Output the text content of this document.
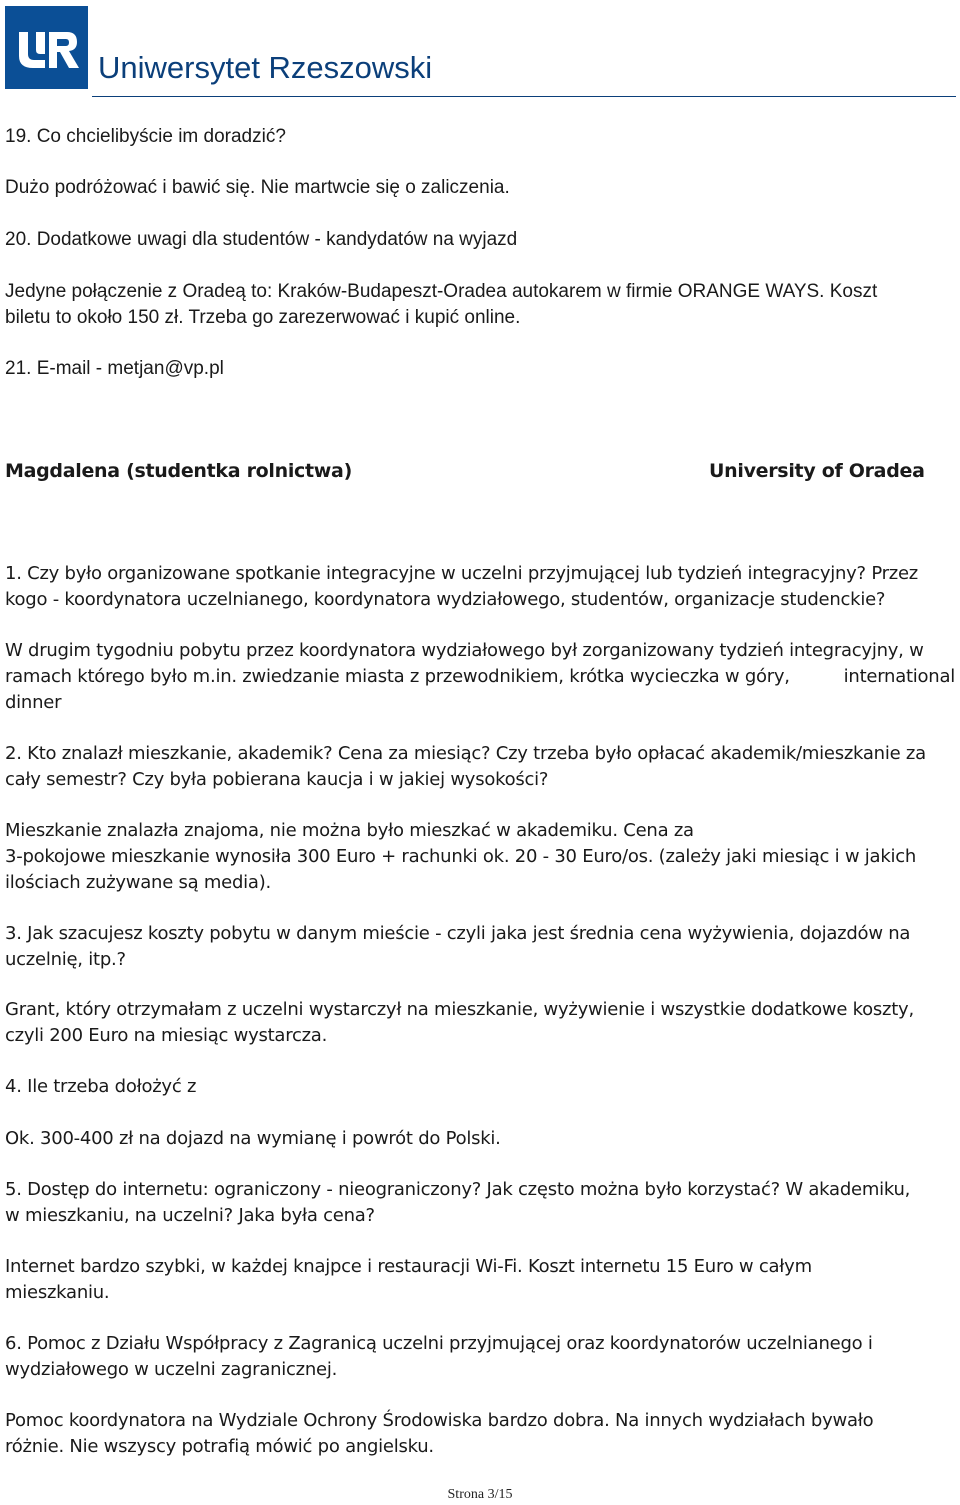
Uniwersytet Rzeszowski
19. Co chcielibyście im doradzić?
Dużo podróżować i bawić się. Nie martwcie się o zaliczenia.
20. Dodatkowe uwagi dla studentów - kandydatów na wyjazd
Jedyne połączenie z Oradeą to: Kraków-Budapeszt-Oradea autokarem w firmie ORANGE WAYS. Koszt
biletu to około 150 zł. Trzeba go zarezerwować i kupić online.
21. E-mail - metjan@vp.pl
Magdalena (studentka rolnictwa)	University of Oradea
1. Czy było organizowane spotkanie integracyjne w uczelni przyjmującej lub tydzień integracyjny? Przez
kogo - koordynatora uczelnianego, koordynatora wydziałowego, studentów, organizacje studenckie?
W drugim tygodniu pobytu przez koordynatora wydziałowego był zorganizowany tydzień integracyjny, w
ramach którego było m.in. zwiedzanie miasta z przewodnikiem, krótka wycieczka w góry,	international
dinner
2. Kto znalazł mieszkanie, akademik? Cena za miesiąc? Czy trzeba było opłacać akademik/mieszkanie za
cały semestr? Czy była pobierana kaucja i w jakiej wysokości?
Mieszkanie znalazła znajoma, nie można było mieszkać w akademiku. Cena za
3-pokojowe mieszkanie wynosiła 300 Euro + rachunki ok. 20 - 30 Euro/os. (zależy jaki miesiąc i w jakich
ilościach zużywane są media).
3. Jak szacujesz koszty pobytu w danym mieście - czyli jaka jest średnia cena wyżywienia, dojazdów na
uczelnię, itp.?
Grant, który otrzymałam z uczelni wystarczył na mieszkanie, wyżywienie i wszystkie dodatkowe koszty,
czyli 200 Euro na miesiąc wystarcza.
4. Ile trzeba dołożyć z
Ok. 300-400 zł na dojazd na wymianę i powrót do Polski.
5. Dostęp do internetu: ograniczony - nieograniczony? Jak często można było korzystać? W akademiku,
w mieszkaniu, na uczelni? Jaka była cena?
Internet bardzo szybki, w każdej knajpce i restauracji Wi-Fi. Koszt internetu 15 Euro w całym
mieszkaniu.
6. Pomoc z Działu Współpracy z Zagranicą uczelni przyjmującej oraz koordynatorów uczelnianego i
wydziałowego w uczelni zagranicznej.
Pomoc koordynatora na Wydziale Ochrony Środowiska bardzo dobra. Na innych wydziałach bywało
różnie. Nie wszyscy potrafią mówić po angielsku.
Strona 3/15
